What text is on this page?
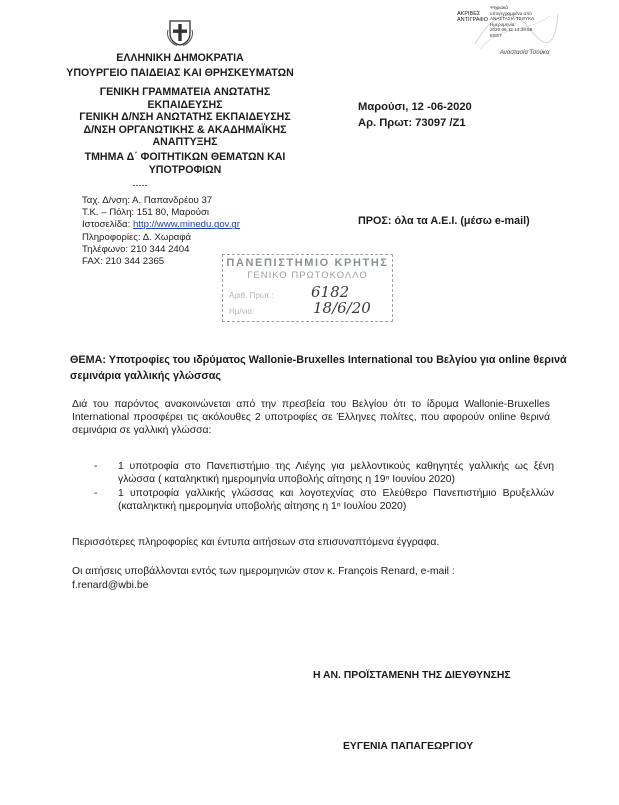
ΑΚΡΙΒΕΣ ΑΝΤΙΓΡΑΦΟ
Ψηφιακά
υπογεγραμμένο από
ΑΝΑΣΤΑΣΙΑ ΤΣΟΥΚΑ
Ημερομηνία:
2020.06.12 14:39:58
EEST
Αναστασία Τσούκα
ΕΛΛΗΝΙΚΗ ΔΗΜΟΚΡΑΤΙΑ
ΥΠΟΥΡΓΕΙΟ ΠΑΙΔΕΙΑΣ ΚΑΙ ΘΡΗΣΚΕΥΜΑΤΩΝ
ΓΕΝΙΚΗ ΓΡΑΜΜΑΤΕΙΑ ΑΝΩΤΑΤΗΣ ΕΚΠΑΙΔΕΥΣΗΣ
ΓΕΝΙΚΗ Δ/ΝΣΗ ΑΝΩΤΑΤΗΣ ΕΚΠΑΙΔΕΥΣΗΣ
Δ/ΝΣΗ ΟΡΓΑΝΩΤΙΚΗΣ & ΑΚΑΔΗΜΑΪΚΗΣ
ΑΝΑΠΤΥΞΗΣ
ΤΜΗΜΑ Δ΄ ΦΟΙΤΗΤΙΚΩΝ ΘΕΜΑΤΩΝ ΚΑΙ
ΥΠΟΤΡΟΦΙΩΝ
-----
Ταχ. Δ/νση: Α. Παπανδρέου 37
Τ.Κ. – Πόλη: 151 80, Μαρούσι
Ιστοσελίδα: http://www.minedu.gov.gr
Πληροφορίες: Δ. Χωραφά
Τηλέφωνο: 210 344 2404
FAX: 210 344 2365
Μαρούσι, 12 -06-2020
Αρ. Πρωτ: 73097 /Ζ1
ΠΡΟΣ: όλα τα Α.Ε.Ι. (μέσω e-mail)
ΠΑΝΕΠΙΣΤΗΜΙΟ ΚΡΗΤΗΣ
ΓΕΝΙΚΟ ΠΡΩΤΟΚΟΛΛΟ
Αριθ. Πρωτ.: 6182
Ημ/νια:	18/6/20
ΘΕΜΑ: Υποτροφίες του ιδρύματος Wallonie-Bruxelles International του Βελγίου για online θερινά σεμινάρια γαλλικής γλώσσας
Διά του παρόντος ανακοινώνεται από την πρεσβεία του Βελγίου ότι το ίδρυμα Wallonie-Bruxelles International προσφέρει τις ακόλουθες 2 υποτροφίες σε Έλληνες πολίτες, που αφορούν online θερινά σεμινάρια σε γαλλική γλώσσα:
- 1 υποτροφία στο Πανεπιστήμιο της Λιέγης για μελλοντικούς καθηγητές γαλλικής ως ξένη γλώσσα ( καταληκτική ημερομηνία υποβολής αίτησης η 19ⁿ Ιουνίου 2020)
- 1 υποτροφία γαλλικής γλώσσας και λογοτεχνίας στο Ελεύθερο Πανεπιστήμιο Βρυξελλών (καταληκτική ημερομηνία υποβολής αίτησης η 1ⁿ Ιουλίου 2020)
Περισσότερες πληροφορίες και έντυπα αιτήσεων στα επισυναπτόμενα έγγραφα.
Οι αιτήσεις υποβάλλονται εντός των ημερομηνιών στον κ. François Renard, e-mail :
f.renard@wbi.be
Η ΑΝ. ΠΡΟΪΣΤΑΜΕΝΗ ΤΗΣ ΔΙΕΥΘΥΝΣΗΣ
ΕΥΓΕΝΙΑ ΠΑΠΑΓΕΩΡΓΙΟΥ
